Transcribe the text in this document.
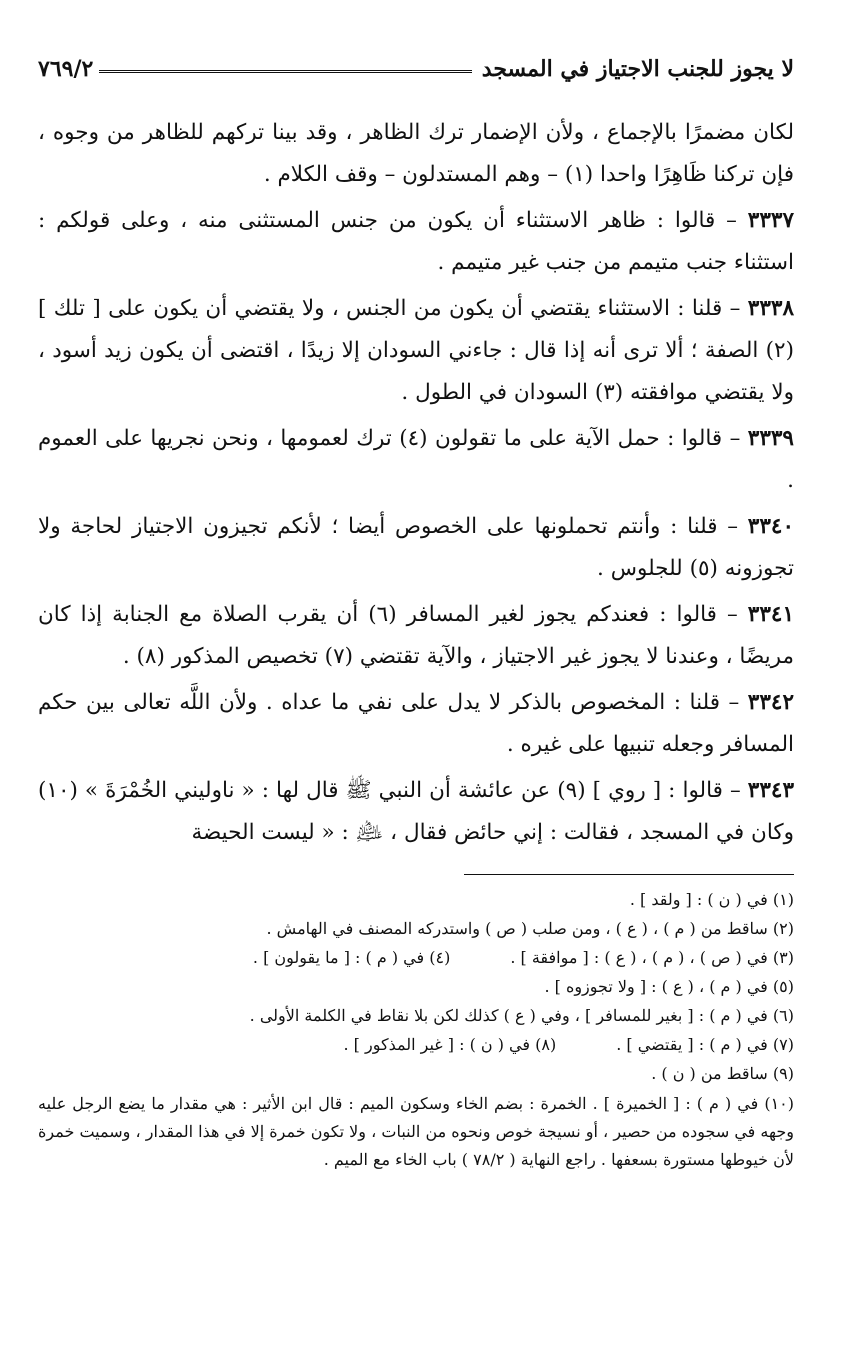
لا يجوز للجنب الاجتياز في المسجد
٧٦٩/٢

لكان مضمرًا بالإجماع ، ولأن الإضمار ترك الظاهر ، وقد بينا تركهم للظاهر من وجوه ، فإن تركنا ظَاهِرًا واحدا (١) – وهم المستدلون – وقف الكلام .

٣٣٣٧ – قالوا : ظاهر الاستثناء أن يكون من جنس المستثنى منه ، وعلى قولكم : استثناء جنب متيمم من جنب غير متيمم .

٣٣٣٨ – قلنا : الاستثناء يقتضي أن يكون من الجنس ، ولا يقتضي أن يكون على [ تلك ] (٢) الصفة ؛ ألا ترى أنه إذا قال : جاءني السودان إلا زيدًا ، اقتضى أن يكون زيد أسود ، ولا يقتضي موافقته (٣) السودان في الطول .

٣٣٣٩ – قالوا : حمل الآية على ما تقولون (٤) ترك لعمومها ، ونحن نجريها على العموم .

٣٣٤٠ – قلنا : وأنتم تحملونها على الخصوص أيضا ؛ لأنكم تجيزون الاجتياز لحاجة ولا تجوزونه (٥) للجلوس .

٣٣٤١ – قالوا : فعندكم يجوز لغير المسافر (٦) أن يقرب الصلاة مع الجنابة إذا كان مريضًا ، وعندنا لا يجوز غير الاجتياز ، والآية تقتضي (٧) تخصيص المذكور (٨) .

٣٣٤٢ – قلنا : المخصوص بالذكر لا يدل على نفي ما عداه . ولأن اللَّه تعالى بين حكم المسافر وجعله تنبيها على غيره .

٣٣٤٣ – قالوا : [ روي ] (٩) عن عائشة أن النبي ﷺ قال لها : « ناوليني الخُمْرَةَ » (١٠) وكان في المسجد ، فقالت : إني حائض فقال ، ﵇ : « ليست الحيضة

(١) في ( ن ) : [ ولقد ] .

(٢) ساقط من ( م ) ، ( ع ) ، ومن صلب ( ص ) واستدركه المصنف في الهامش .

(٣) في ( ص ) ، ( م ) ، ( ع ) : [ موافقة ] .
(٤) في ( م ) : [ ما يقولون ] .

(٥) في ( م ) ، ( ع ) : [ ولا تجوزوه ] .

(٦) في ( م ) : [ بغير للمسافر ] ، وفي ( ع ) كذلك لكن بلا نقاط في الكلمة الأولى .

(٧) في ( م ) : [ يقتضي ] .
(٨) في ( ن ) : [ غير المذكور ] .

(٩) ساقط من ( ن ) .

(١٠) في ( م ) : [ الخميرة ] . الخمرة : بضم الخاء وسكون الميم : قال ابن الأثير : هي مقدار ما يضع الرجل عليه وجهه في سجوده من حصير ، أو نسيجة خوص ونحوه من النبات ، ولا تكون خمرة إلا في هذا المقدار ، وسميت خمرة لأن خيوطها مستورة بسعفها . راجع النهاية ( ٧٨/٢ ) باب الخاء مع الميم .
